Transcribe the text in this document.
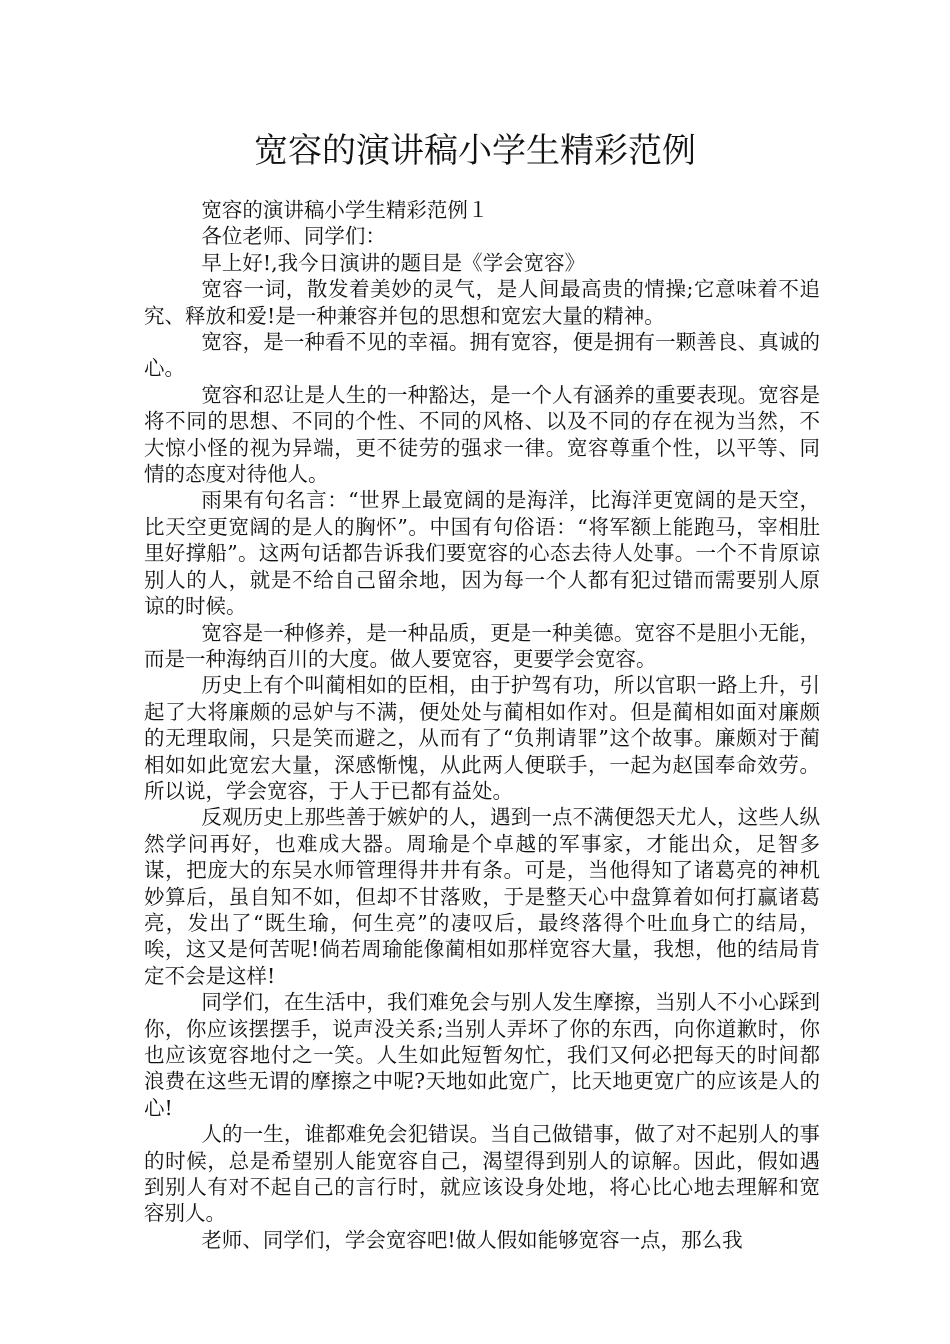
宽容的演讲稿小学生精彩范例

宽容的演讲稿小学生精彩范例１

各位老师、同学们：

早上好!,我今日演讲的题目是《学会宽容》

宽容一词，散发着美妙的灵气，是人间最高贵的情操;它意味着不追究、释放和爱!是一种兼容并包的思想和宽宏大量的精神。

宽容，是一种看不见的幸福。拥有宽容，便是拥有一颗善良、真诚的心。

宽容和忍让是人生的一种豁达，是一个人有涵养的重要表现。宽容是将不同的思想、不同的个性、不同的风格、以及不同的存在视为当然，不大惊小怪的视为异端，更不徒劳的强求一律。宽容尊重个性，以平等、同情的态度对待他人。

雨果有句名言：“世界上最宽阔的是海洋，比海洋更宽阔的是天空，比天空更宽阔的是人的胸怀”。中国有句俗语：“将军额上能跑马，宰相肚里好撑船”。这两句话都告诉我们要宽容的心态去待人处事。一个不肯原谅别人的人，就是不给自己留余地，因为每一个人都有犯过错而需要别人原谅的时候。

宽容是一种修养，是一种品质，更是一种美德。宽容不是胆小无能，而是一种海纳百川的大度。做人要宽容，更要学会宽容。

历史上有个叫蔺相如的臣相，由于护驾有功，所以官职一路上升，引起了大将廉颇的忌妒与不满，便处处与蔺相如作对。但是蔺相如面对廉颇的无理取闹，只是笑而避之，从而有了“负荆请罪”这个故事。廉颇对于蔺相如如此宽宏大量，深感惭愧，从此两人便联手，一起为赵国奉命效劳。所以说，学会宽容，于人于已都有益处。

反观历史上那些善于嫉妒的人，遇到一点不满便怨天尤人，这些人纵然学问再好，也难成大器。周瑜是个卓越的军事家，才能出众，足智多谋，把庞大的东吴水师管理得井井有条。可是，当他得知了诸葛亮的神机妙算后，虽自知不如，但却不甘落败，于是整天心中盘算着如何打赢诸葛亮，发出了“既生瑜，何生亮”的凄叹后，最终落得个吐血身亡的结局，唉，这又是何苦呢!倘若周瑜能像蔺相如那样宽容大量，我想，他的结局肯定不会是这样!

同学们，在生活中，我们难免会与别人发生摩擦，当别人不小心踩到你，你应该摆摆手，说声没关系;当别人弄坏了你的东西，向你道歉时，你也应该宽容地付之一笑。人生如此短暂匆忙，我们又何必把每天的时间都浪费在这些无谓的摩擦之中呢?天地如此宽广，比天地更宽广的应该是人的心!

人的一生，谁都难免会犯错误。当自己做错事，做了对不起别人的事的时候，总是希望别人能宽容自己，渴望得到别人的谅解。因此，假如遇到别人有对不起自己的言行时，就应该设身处地，将心比心地去理解和宽容别人。

老师、同学们，学会宽容吧!做人假如能够宽容一点，那么我
